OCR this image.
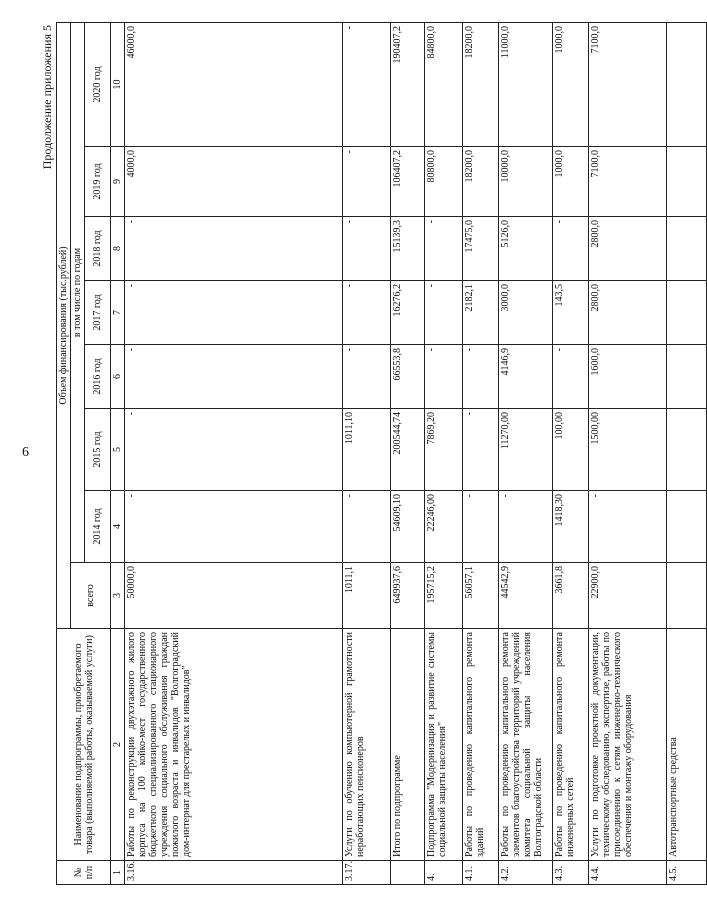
6
Продолжение приложения 5
№ п/п	Наименование подпрограммы, приобретаемого товара (выполняемой работы, оказываемой услуги)	Объем финансирования (тыс.рублей)							
		всего	в том числе по годам						
			2014 год	2015 год	2016 год	2017 год	2018 год	2019 год	2020 год
1	2	3	4	5	6	7	8	9	10
3.16.	Работы по реконструкции двухэтажного жилого корпуса на 100 койко-мест государственного бюджетного специализированного стационарного учреждения социального обслуживания граждан пожилого возраста и инвалидов "Волгоградский дом-интернат для престарелых и инвалидов"	50000,0	-	-	-	-	-	4000,0	46000,0
3.17.	Услуги по обучению компьютерной грамотности неработающих пенсионеров	1011,1	-	1011,10	-	-	-	-	-
	Итого по подпрограмме	649937,6	54609,10	200544,74	66553,8	16276,2	15139,3	106407,2	190407,2
4.	Подпрограмма "Модернизация и развитие системы социальной защиты населения"	195715,2	22246,00	7869,20	-	-	-	80800,0	84800,0
4.1.	Работы по проведению капитального ремонта зданий	56057,1	-	-	-	2182,1	17475,0	18200,0	18200,0
4.2.	Работы по проведению капитального ремонта элементов благоустройства территорий учреждений комитета социальной защиты населения Волгоградской области	44542,9	-	11270,00	4146,9	3000,0	5126,0	10000,0	11000,0
4.3.	Работы по проведению капитального ремонта инженерных сетей	3661,8	1418,30	100,00	-	143,5	-	1000,0	1000,0
4.4.	Услуги по подготовке проектной документации, техническому обследованию, экспертизе, работы по присоединению к сетям инженерно-технического обеспечения и монтажу оборудования	22900,0	-	1500,00	1600,0	2800,0	2800,0	7100,0	7100,0
4.5.	Автотранспортные средства								
